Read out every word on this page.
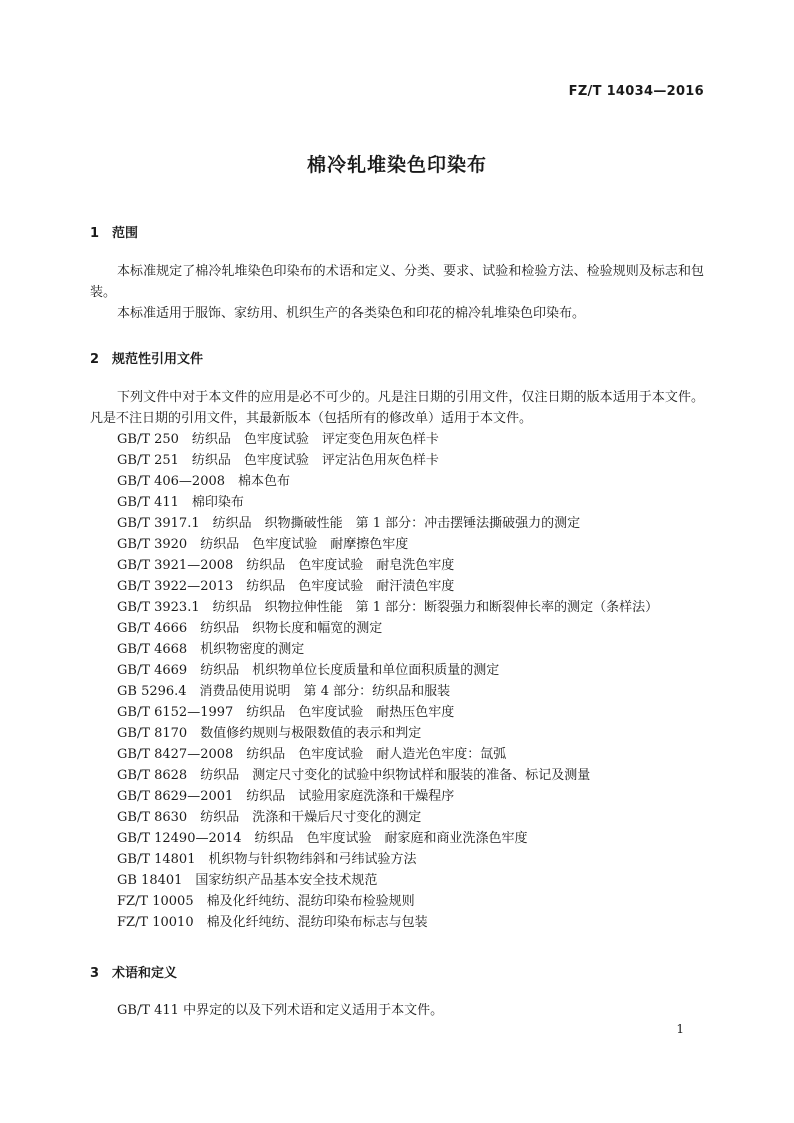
FZ/T 14034—2016
棉冷轧堆染色印染布
1 范围

本标准规定了棉冷轧堆染色印染布的术语和定义、分类、要求、试验和检验方法、检验规则及标志和包装。

本标准适用于服饰、家纺用、机织生产的各类染色和印花的棉冷轧堆染色印染布。

2 规范性引用文件

下列文件中对于本文件的应用是必不可少的。凡是注日期的引用文件，仅注日期的版本适用于本文件。凡是不注日期的引用文件，其最新版本（包括所有的修改单）适用于本文件。

GB/T 250　纺织品　色牢度试验　评定变色用灰色样卡
GB/T 251　纺织品　色牢度试验　评定沾色用灰色样卡
GB/T 406—2008　棉本色布
GB/T 411　棉印染布
GB/T 3917.1　纺织品　织物撕破性能　第 1 部分：冲击摆锤法撕破强力的测定
GB/T 3920　纺织品　色牢度试验　耐摩擦色牢度
GB/T 3921—2008　纺织品　色牢度试验　耐皂洗色牢度
GB/T 3922—2013　纺织品　色牢度试验　耐汗渍色牢度
GB/T 3923.1　纺织品　织物拉伸性能　第 1 部分：断裂强力和断裂伸长率的测定（条样法）
GB/T 4666　纺织品　织物长度和幅宽的测定
GB/T 4668　机织物密度的测定
GB/T 4669　纺织品　机织物单位长度质量和单位面积质量的测定
GB 5296.4　消费品使用说明　第 4 部分：纺织品和服装
GB/T 6152—1997　纺织品　色牢度试验　耐热压色牢度
GB/T 8170　数值修约规则与极限数值的表示和判定
GB/T 8427—2008　纺织品　色牢度试验　耐人造光色牢度：氙弧
GB/T 8628　纺织品　测定尺寸变化的试验中织物试样和服装的准备、标记及测量
GB/T 8629—2001　纺织品　试验用家庭洗涤和干燥程序
GB/T 8630　纺织品　洗涤和干燥后尺寸变化的测定
GB/T 12490—2014　纺织品　色牢度试验　耐家庭和商业洗涤色牢度
GB/T 14801　机织物与针织物纬斜和弓纬试验方法
GB 18401　国家纺织产品基本安全技术规范
FZ/T 10005　棉及化纤纯纺、混纺印染布检验规则
FZ/T 10010　棉及化纤纯纺、混纺印染布标志与包装
3 术语和定义

GB/T 411 中界定的以及下列术语和定义适用于本文件。

1
